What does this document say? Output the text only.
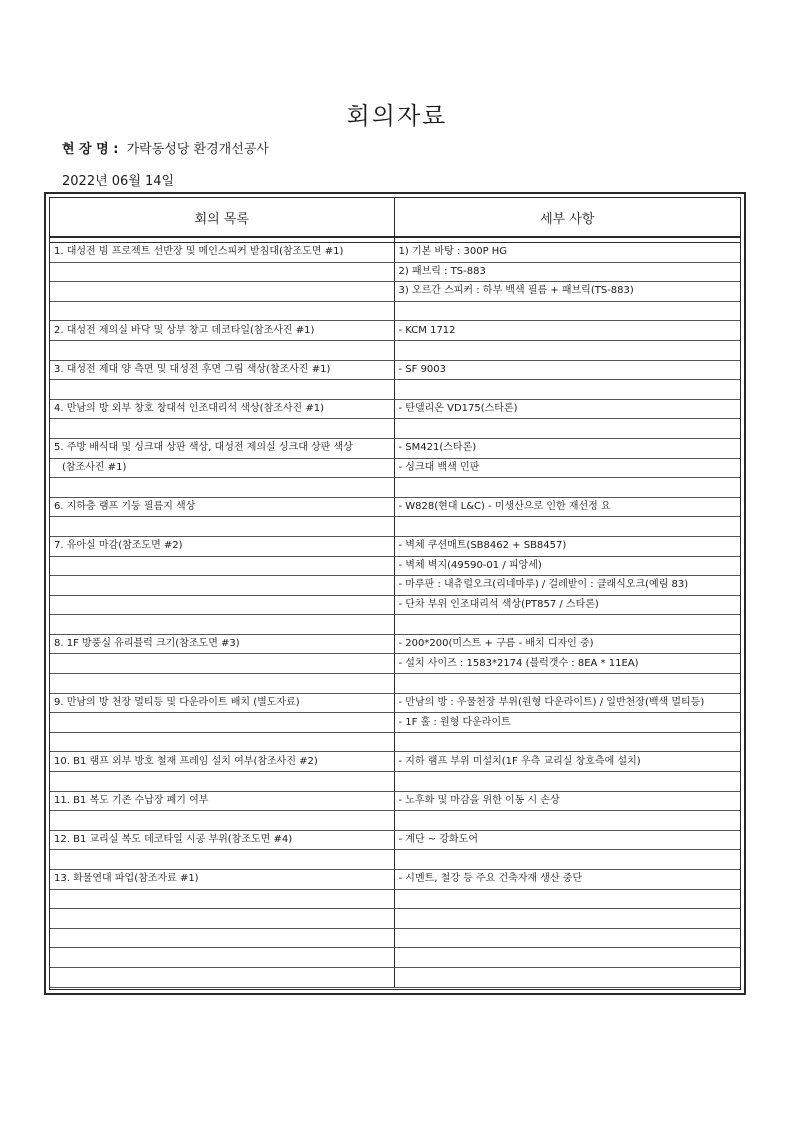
회의자료
현 장 명 : 가락동성당 환경개선공사
2022년 06월 14일
회의 목록	세부 사항

1. 대성전 빔 프로젝트 선반장 및 메인스피커 받침대(참조도면 #1)	1) 기본 바탕 : 300P HG
	2) 패브릭 : TS-883
	3) 오르간 스피커 : 하부 백색 필름 + 패브릭(TS-883)

2. 대성전 제의실 바닥 및 상부 창고 데코타일(참조사진 #1)	- KCM 1712

3. 대성전 제대 양 측면 및 대성전 후면 그림 색상(참조사진 #1)	- SF 9003

4. 만남의 방 외부 창호 창대석 인조대리석 색상(참조사진 #1)	- 탄델리온 VD175(스타론)

5. 주방 배식대 및 싱크대 상판 색상, 대성전 제의실 싱크대 상판 색상	- SM421(스타론)
(참조사진 #1)	- 싱크대 백색 민판

6. 지하층 램프 기둥 필름지 색상	- W828(현대 L&C) - 미생산으로 인한 재선정 요

7. 유아실 마감(참조도면 #2)	- 벽체 쿠션매트(SB8462 + SB8457)
	- 벽체 벽지(49590-01 / 피앙세)
	- 마루판 : 내츄럴오크(리네마루) / 걸레받이 : 클래식오크(예림 83)
	- 단차 부위 인조대리석 색상(PT857 / 스타론)

8. 1F 방풍실 유리블럭 크기(참조도면 #3)	- 200*200(미스트 + 구름 - 배치 디자인 중)
	- 설치 사이즈 : 1583*2174 (블럭갯수 : 8EA * 11EA)

9. 만남의 방 천장 멀티등 및 다운라이트 배치 (별도자료)	- 만남의 방 : 우물천장 부위(원형 다운라이트) / 일반천장(백색 멀티등)
	- 1F 홀 : 원형 다운라이트

10. B1 램프 외부 방호 철재 프레임 설치 여부(참조사진 #2)	- 지하 램프 부위 미설치(1F 우측 교리실 창호측에 설치)

11. B1 복도 기존 수납장 폐기 여부	- 노후화 및 마감을 위한 이동 시 손상

12. B1 교리실 복도 데코타일 시공 부위(참조도면 #4)	- 계단 ~ 강화도어

13. 화물연대 파업(참조자료 #1)	- 시멘트, 철강 등 주요 건축자재 생산 중단
